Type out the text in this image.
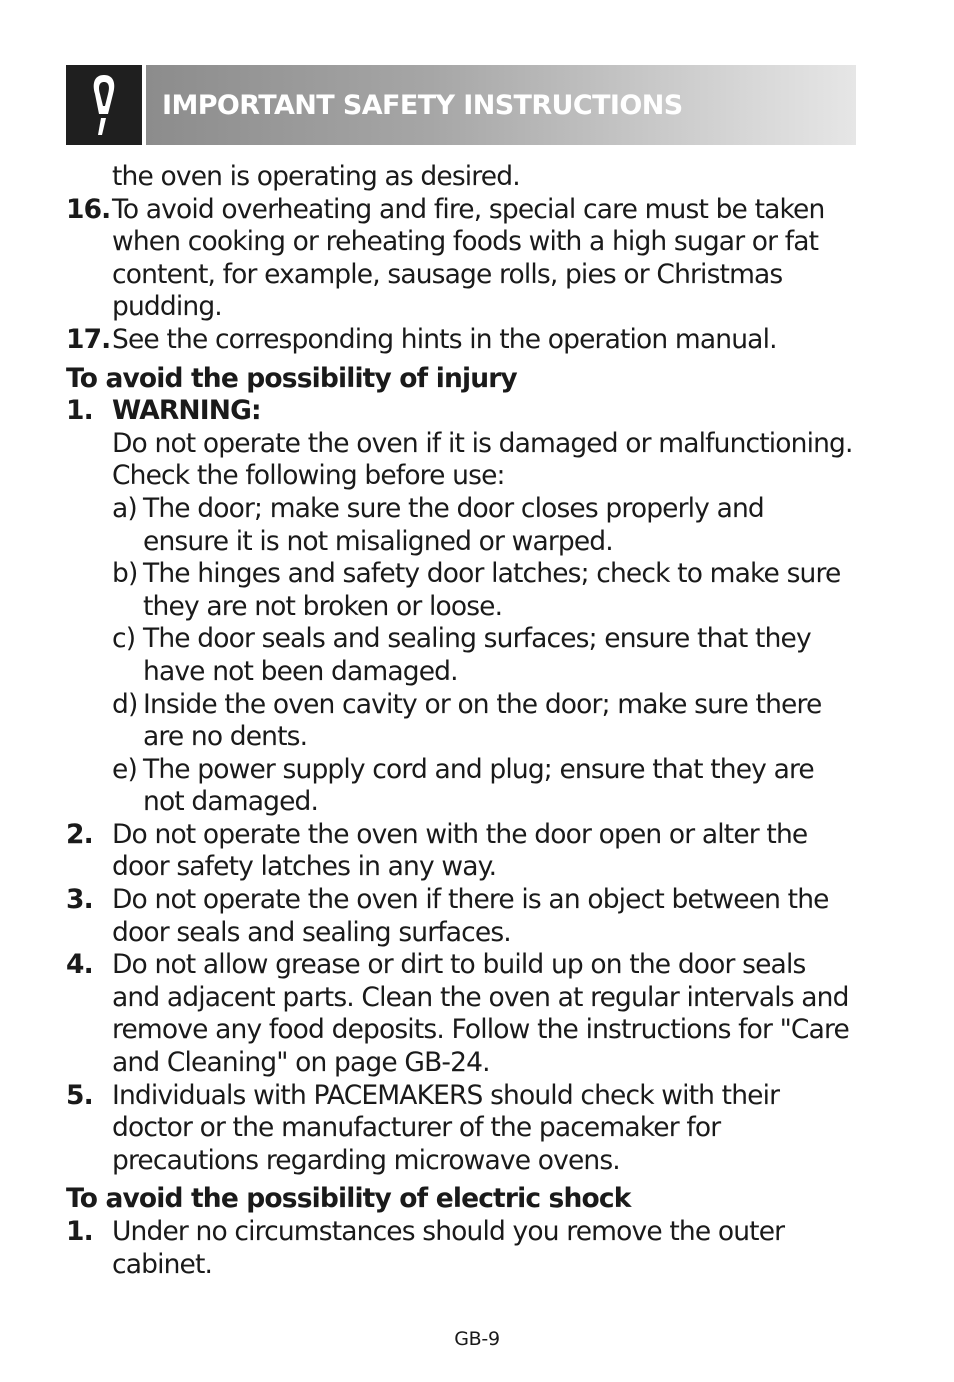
IMPORTANT SAFETY INSTRUCTIONS
the oven is operating as desired.
16. To avoid overheating and fire, special care must be taken when cooking or reheating foods with a high sugar or fat content, for example, sausage rolls, pies or Christmas pudding.
17. See the corresponding hints in the operation manual.
To avoid the possibility of injury
1. WARNING:
Do not operate the oven if it is damaged or malfunctioning. Check the following before use:
a) The door; make sure the door closes properly and ensure it is not misaligned or warped.
b) The hinges and safety door latches; check to make sure they are not broken or loose.
c) The door seals and sealing surfaces; ensure that they have not been damaged.
d) Inside the oven cavity or on the door; make sure there are no dents.
e) The power supply cord and plug; ensure that they are not damaged.
2. Do not operate the oven with the door open or alter the door safety latches in any way.
3. Do not operate the oven if there is an object between the door seals and sealing surfaces.
4. Do not allow grease or dirt to build up on the door seals and adjacent parts. Clean the oven at regular intervals and remove any food deposits. Follow the instructions for "Care and Cleaning" on page GB-24.
5. Individuals with PACEMAKERS should check with their doctor or the manufacturer of the pacemaker for precautions regarding microwave ovens.
To avoid the possibility of electric shock
1. Under no circumstances should you remove the outer cabinet.
GB-9
